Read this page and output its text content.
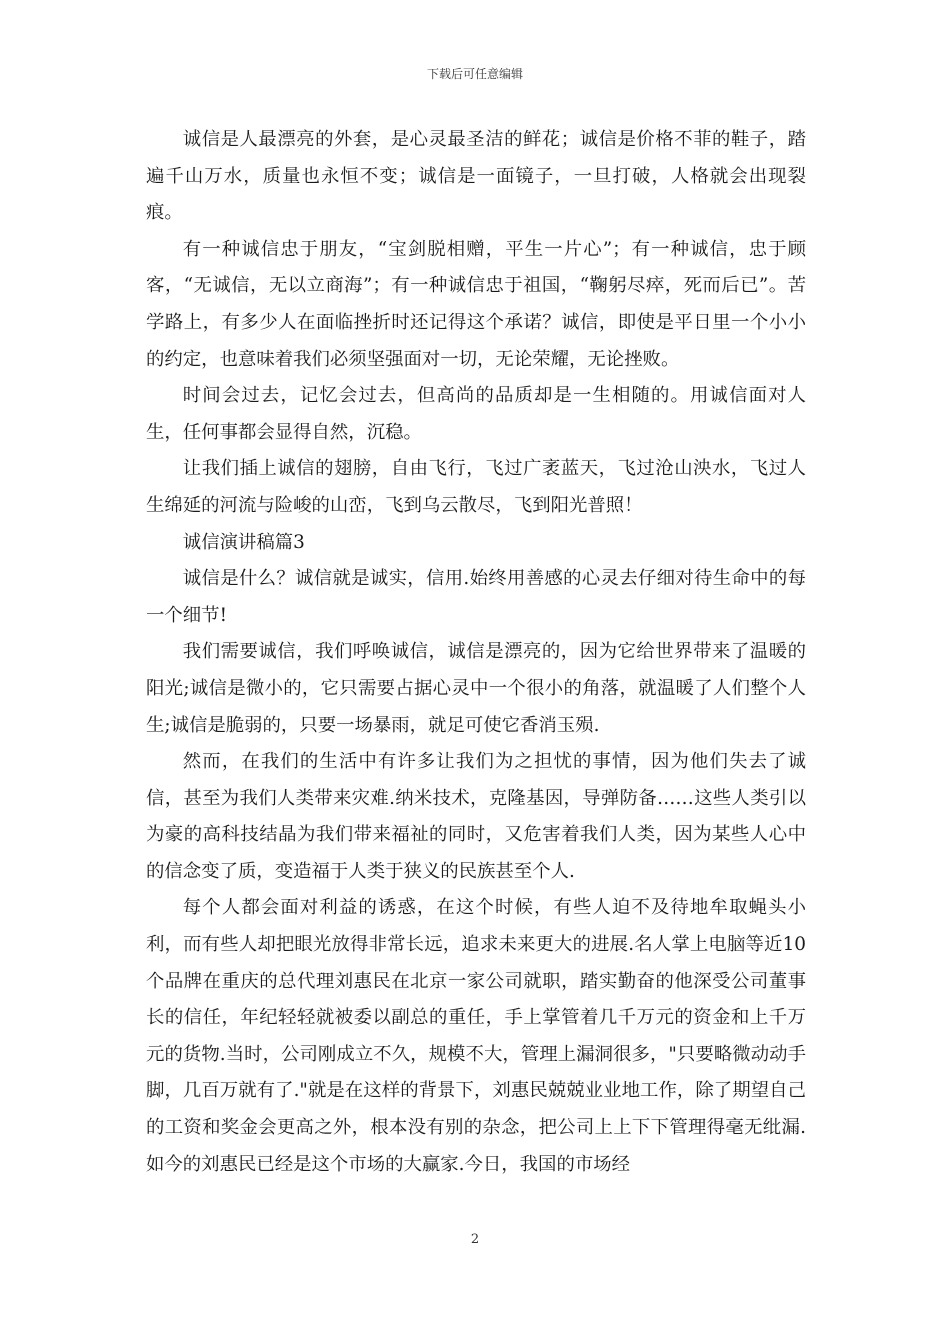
下载后可任意编辑

诚信是人最漂亮的外套，是心灵最圣洁的鲜花；诚信是价格不菲的鞋子，踏遍千山万水，质量也永恒不变；诚信是一面镜子，一旦打破，人格就会出现裂痕。

有一种诚信忠于朋友，“宝剑脱相赠，平生一片心”；有一种诚信，忠于顾客，“无诚信，无以立商海”；有一种诚信忠于祖国，“鞠躬尽瘁，死而后已”。苦学路上，有多少人在面临挫折时还记得这个承诺？诚信，即使是平日里一个小小的约定，也意味着我们必须坚强面对一切，无论荣耀，无论挫败。

时间会过去，记忆会过去，但高尚的品质却是一生相随的。用诚信面对人生，任何事都会显得自然，沉稳。

让我们插上诚信的翅膀，自由飞行，飞过广袤蓝天，飞过沧山泱水，飞过人生绵延的河流与险峻的山峦，飞到乌云散尽，飞到阳光普照！

诚信演讲稿篇3

诚信是什么？诚信就是诚实，信用.始终用善感的心灵去仔细对待生命中的每一个细节!

我们需要诚信，我们呼唤诚信，诚信是漂亮的，因为它给世界带来了温暖的阳光;诚信是微小的，它只需要占据心灵中一个很小的角落，就温暖了人们整个人生;诚信是脆弱的，只要一场暴雨，就足可使它香消玉殒.

然而，在我们的生活中有许多让我们为之担忧的事情，因为他们失去了诚信，甚至为我们人类带来灾难.纳米技术，克隆基因，导弹防备……这些人类引以为豪的高科技结晶为我们带来福祉的同时，又危害着我们人类，因为某些人心中的信念变了质，变造福于人类于狭义的民族甚至个人.

每个人都会面对利益的诱惑，在这个时候，有些人迫不及待地牟取蝇头小利，而有些人却把眼光放得非常长远，追求未来更大的进展.名人掌上电脑等近10个品牌在重庆的总代理刘惠民在北京一家公司就职，踏实勤奋的他深受公司董事长的信任，年纪轻轻就被委以副总的重任，手上掌管着几千万元的资金和上千万元的货物.当时，公司刚成立不久，规模不大，管理上漏洞很多，"只要略微动动手脚，几百万就有了."就是在这样的背景下，刘惠民兢兢业业地工作，除了期望自己的工资和奖金会更高之外，根本没有别的杂念，把公司上上下下管理得毫无纰漏.如今的刘惠民已经是这个市场的大赢家.今日，我国的市场经

2
